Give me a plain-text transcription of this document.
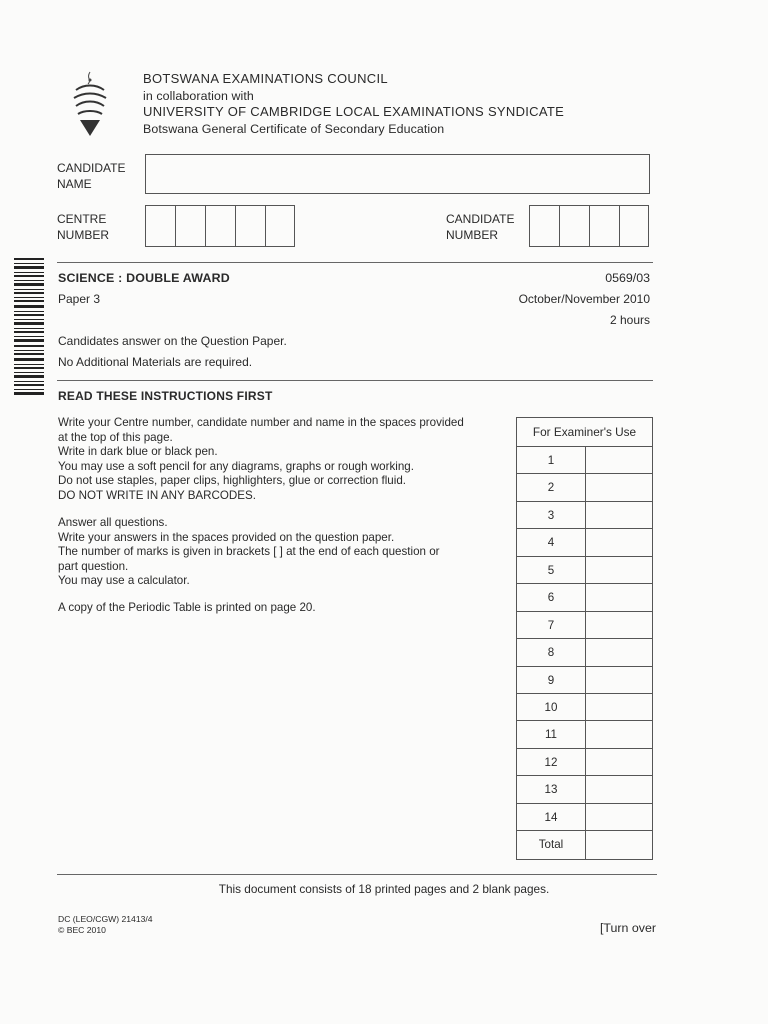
BOTSWANA EXAMINATIONS COUNCIL
in collaboration with
UNIVERSITY OF CAMBRIDGE LOCAL EXAMINATIONS SYNDICATE
Botswana General Certificate of Secondary Education
CANDIDATE
NAME
CENTRE
NUMBER
CANDIDATE
NUMBER
SCIENCE : DOUBLE AWARD
Paper 3
0569/03
October/November 2010
2 hours
Candidates answer on the Question Paper.
No Additional Materials are required.
READ THESE INSTRUCTIONS FIRST
Write your Centre number, candidate number and name in the spaces provided
at the top of this page.
Write in dark blue or black pen.
You may use a soft pencil for any diagrams, graphs or rough working.
Do not use staples, paper clips, highlighters, glue or correction fluid.
DO NOT WRITE IN ANY BARCODES.
Answer all questions.
Write your answers in the spaces provided on the question paper.
The number of marks is given in brackets [ ] at the end of each question or
part question.
You may use a calculator.
A copy of the Periodic Table is printed on page 20.
For Examiner's Use
1
2
3
4
5
6
7
8
9
10
11
12
13
14
Total
This document consists of 18 printed pages and 2 blank pages.
DC (LEO/CGW) 21413/4
© BEC 2010	[Turn over
